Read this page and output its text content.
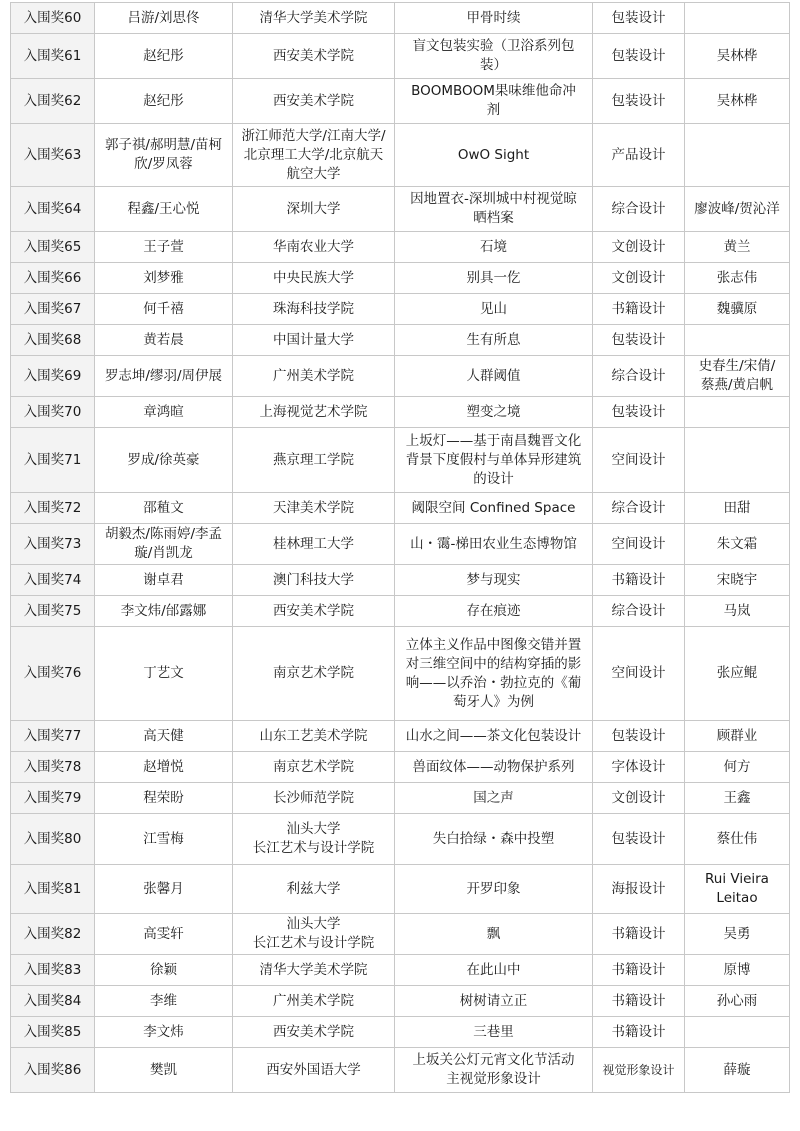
入围奖60	吕游/刘思佟	清华大学美术学院	甲骨时续	包装设计	
入围奖61	赵纪彤	西安美术学院	盲文包装实验（卫浴系列包
装）	包装设计	吴林桦

入围奖62	赵纪彤	西安美术学院	BOOMBOOM果味维他命冲
剂	包装设计	吴林桦

入围奖63	郭子祺/郝明慧/苗柯
欣/罗凤蓉	浙江师范大学/江南大学/
北京理工大学/北京航天
航空大学	OwO Sight	产品设计	
入围奖64	程鑫/王心悦	深圳大学	因地置衣-深圳城中村视觉晾
晒档案	综合设计	廖波峰/贺沁洋

入围奖65	王子萱	华南农业大学	石境	文创设计	黄兰

入围奖66	刘梦雅	中央民族大学	别具一仡	文创设计	张志伟

入围奖67	何千禧	珠海科技学院	见山	书籍设计	魏骥原

入围奖68	黄若晨	中国计量大学	生有所息	包装设计	
入围奖69	罗志坤/缪羽/周伊展	广州美术学院	人群阈值	综合设计	史春生/宋倩/
蔡燕/黄启帆

入围奖70	章鸿暄	上海视觉艺术学院	塑变之境	包装设计	
入围奖71	罗成/徐英豪	燕京理工学院	上坂灯——基于南昌魏晋文化
背景下度假村与单体异形建筑
的设计	空间设计	
入围奖72	邵稙文	天津美术学院	阈限空间 Confined Space	综合设计	田甜

入围奖73	胡毅杰/陈雨婷/李孟
璇/肖凯龙	桂林理工大学	山・霭-梯田农业生态博物馆	空间设计	朱文霜

入围奖74	谢卓君	澳门科技大学	梦与现实	书籍设计	宋晓宇

入围奖75	李文炜/邰露娜	西安美术学院	存在痕迹	综合设计	马岚

入围奖76	丁艺文	南京艺术学院	立体主义作品中图像交错并置
对三维空间中的结构穿插的影
响——以乔治・勃拉克的《葡
萄牙人》为例	空间设计	张应鲲

入围奖77	高天健	山东工艺美术学院	山水之间——茶文化包装设计	包装设计	顾群业

入围奖78	赵增悦	南京艺术学院	兽面纹体——动物保护系列	字体设计	何方

入围奖79	程荣盼	长沙师范学院	国之声	文创设计	王鑫

入围奖80	江雪梅	汕头大学
长江艺术与设计学院	失白拾绿・森中投塑	包装设计	蔡仕伟

入围奖81	张馨月	利兹大学	开罗印象	海报设计	Rui Vieira
Leitao

入围奖82	高雯轩	汕头大学
长江艺术与设计学院	飘	书籍设计	吴勇

入围奖83	徐颖	清华大学美术学院	在此山中	书籍设计	原博

入围奖84	李维	广州美术学院	树树请立正	书籍设计	孙心雨

入围奖85	李文炜	西安美术学院	三巷里	书籍设计	
入围奖86	樊凯	西安外国语大学	上坂关公灯元宵文化节活动
主视觉形象设计	视觉形象设计	薛璇
